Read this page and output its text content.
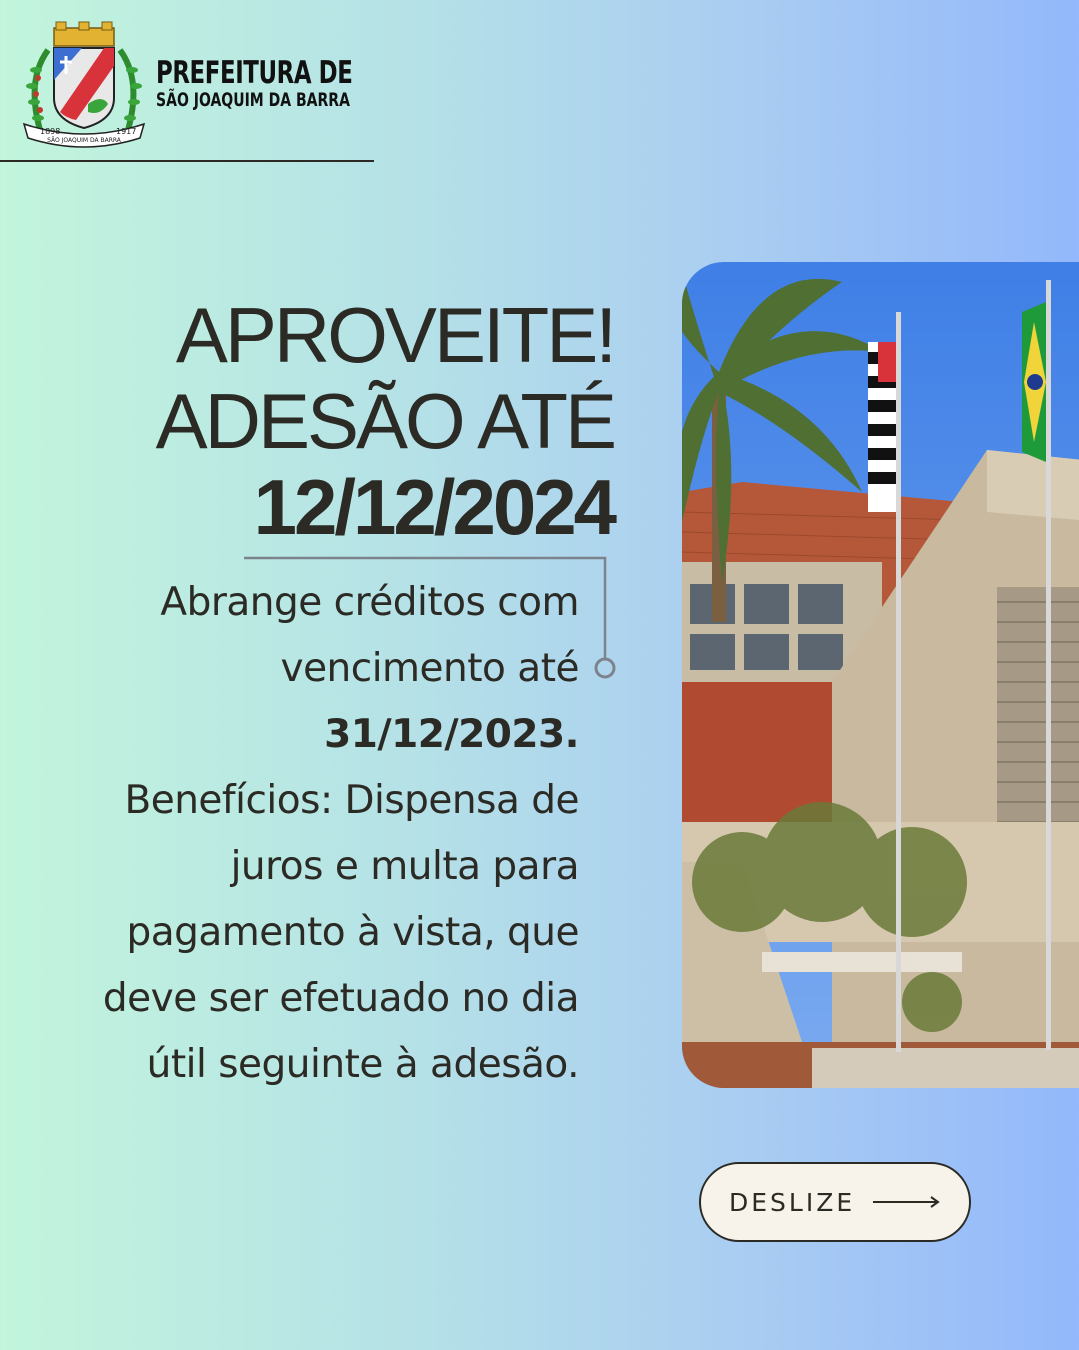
1898	1917
SÃO JOAQUIM DA BARRA
PREFEITURA DE
SÃO JOAQUIM DA BARRA
APROVEITE!
ADESÃO ATÉ
12/12/2024
Abrange créditos com
vencimento até
31/12/2023.
Benefícios: Dispensa de
juros e multa para
pagamento à vista, que
deve ser efetuado no dia
útil seguinte à adesão.
DESLIZE
